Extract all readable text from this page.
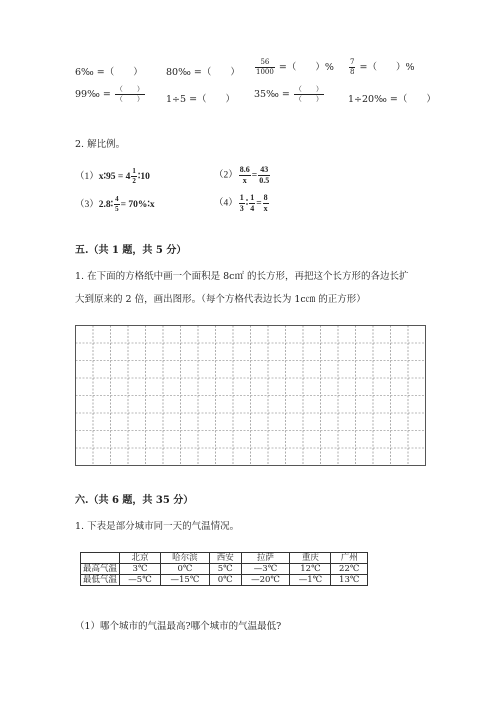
6‰ =（　　） 80‰ =（　　） $\frac{56}{1000}$ =（　　）% $\frac{7}{8}$ =（　　）%
99‰ = $\frac{( )}{( )} 1\div 5$ =（　　） 35‰ = $\frac{( )}{( )}$	1÷20‰ =（　　）
2. 解比例。
（1）x∶95 = $4 \frac{1}{2}$ ∶10	$(2) \frac{8.6}{x} = \frac{43}{0.5}$
（3）2.8∶ $\frac{4}{5}$ = 70%∶x	$(4) \frac{1}{3}$ ∶ $\frac{1}{4} = \frac{8}{x}$
五.（共 1 题，共 5 分）
1. 在下面的方格纸中画一个面积是 8c㎡ 的长方形，再把这个长方形的各边长扩
大到原来的 2 倍，画出图形。（每个方格代表边长为 1c㎝ 的正方形）
六.（共 6 题，共 35 分）
1. 下表是部分城市同一天的气温情况。
	北京	哈尔滨	西安	拉萨	重庆	广州
最高气温	3℃	0℃	5℃	—3℃	12℃	22℃
最低气温	—5℃	—15℃	0℃	—20℃	—1℃	13℃
（1）哪个城市的气温最高?哪个城市的气温最低?
